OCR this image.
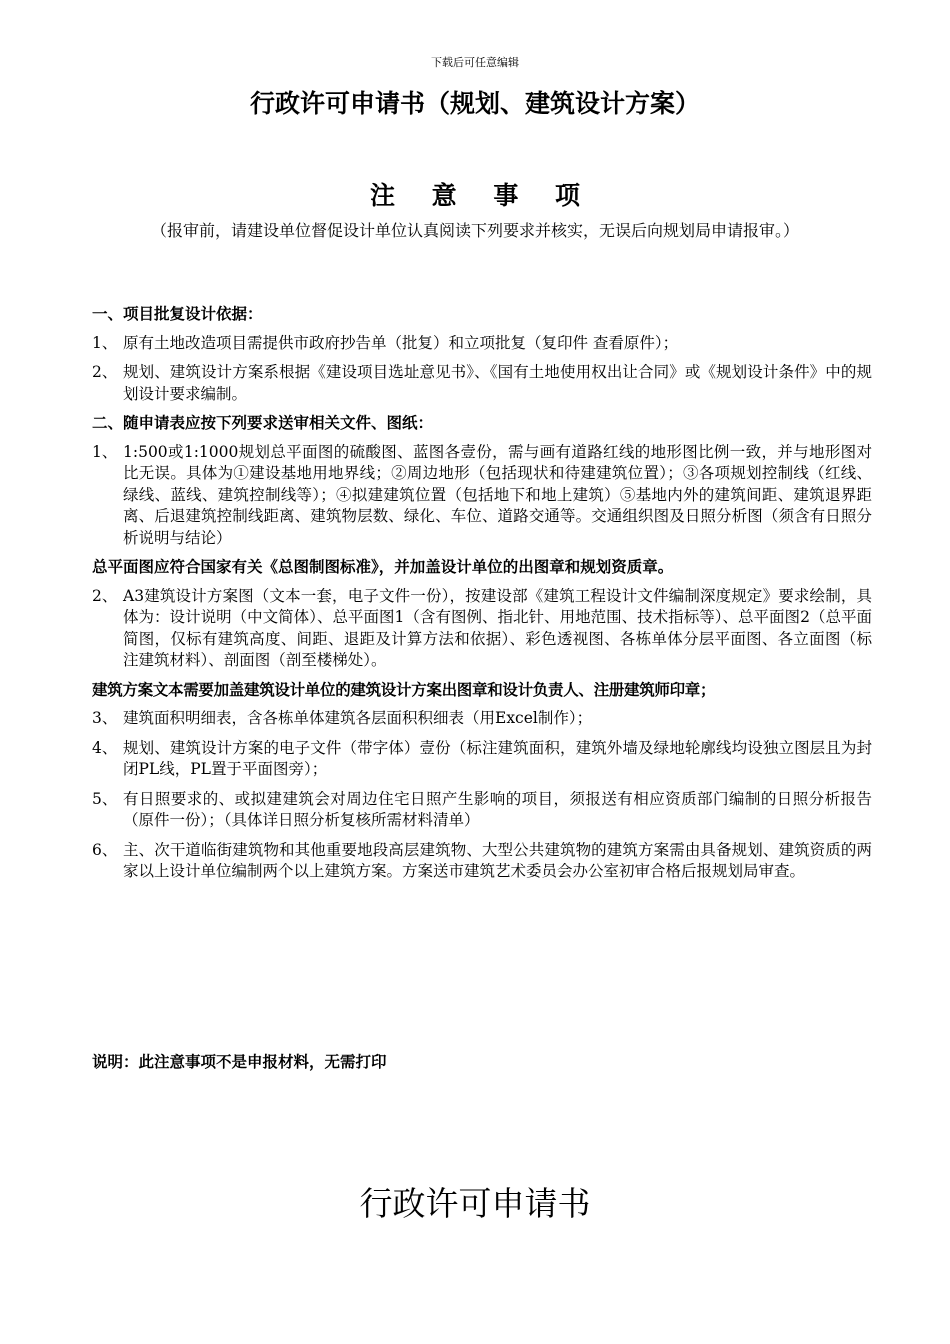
下载后可任意编辑
行政许可申请书（规划、建筑设计方案）
注 意 事 项
（报审前，请建设单位督促设计单位认真阅读下列要求并核实，无误后向规划局申请报审。）
一、项目批复设计依据：
1、 原有土地改造项目需提供市政府抄告单（批复）和立项批复（复印件 查看原件）；
2、 规划、建筑设计方案系根据《建设项目选址意见书》、《国有土地使用权出让合同》或《规划设计条件》中的规划设计要求编制。
二、随申请表应按下列要求送审相关文件、图纸：
1、 1:500或1:1000规划总平面图的硫酸图、蓝图各壹份，需与画有道路红线的地形图比例一致，并与地形图对比无误。具体为①建设基地用地界线；②周边地形（包括现状和待建建筑位置）；③各项规划控制线（红线、绿线、蓝线、建筑控制线等）；④拟建建筑位置（包括地下和地上建筑）⑤基地内外的建筑间距、建筑退界距离、后退建筑控制线距离、建筑物层数、绿化、车位、道路交通等。交通组织图及日照分析图（须含有日照分析说明与结论）
总平面图应符合国家有关《总图制图标准》，并加盖设计单位的出图章和规划资质章。
2、 A3建筑设计方案图（文本一套，电子文件一份），按建设部《建筑工程设计文件编制深度规定》要求绘制，具体为：设计说明（中文简体）、总平面图1（含有图例、指北针、用地范围、技术指标等）、总平面图2（总平面简图，仅标有建筑高度、间距、退距及计算方法和依据）、彩色透视图、各栋单体分层平面图、各立面图（标注建筑材料）、剖面图（剖至楼梯处）。
建筑方案文本需要加盖建筑设计单位的建筑设计方案出图章和设计负责人、注册建筑师印章；
3、 建筑面积明细表，含各栋单体建筑各层面积积细表（用Excel制作）；
4、 规划、建筑设计方案的电子文件（带字体）壹份（标注建筑面积，建筑外墙及绿地轮廓线均设独立图层且为封闭PL线，PL置于平面图旁）；
5、 有日照要求的、或拟建建筑会对周边住宅日照产生影响的项目，须报送有相应资质部门编制的日照分析报告（原件一份）；（具体详日照分析复核所需材料清单）
6、 主、次干道临街建筑物和其他重要地段高层建筑物、大型公共建筑物的建筑方案需由具备规划、建筑资质的两家以上设计单位编制两个以上建筑方案。方案送市建筑艺术委员会办公室初审合格后报规划局审查。
说明：此注意事项不是申报材料，无需打印
行政许可申请书
